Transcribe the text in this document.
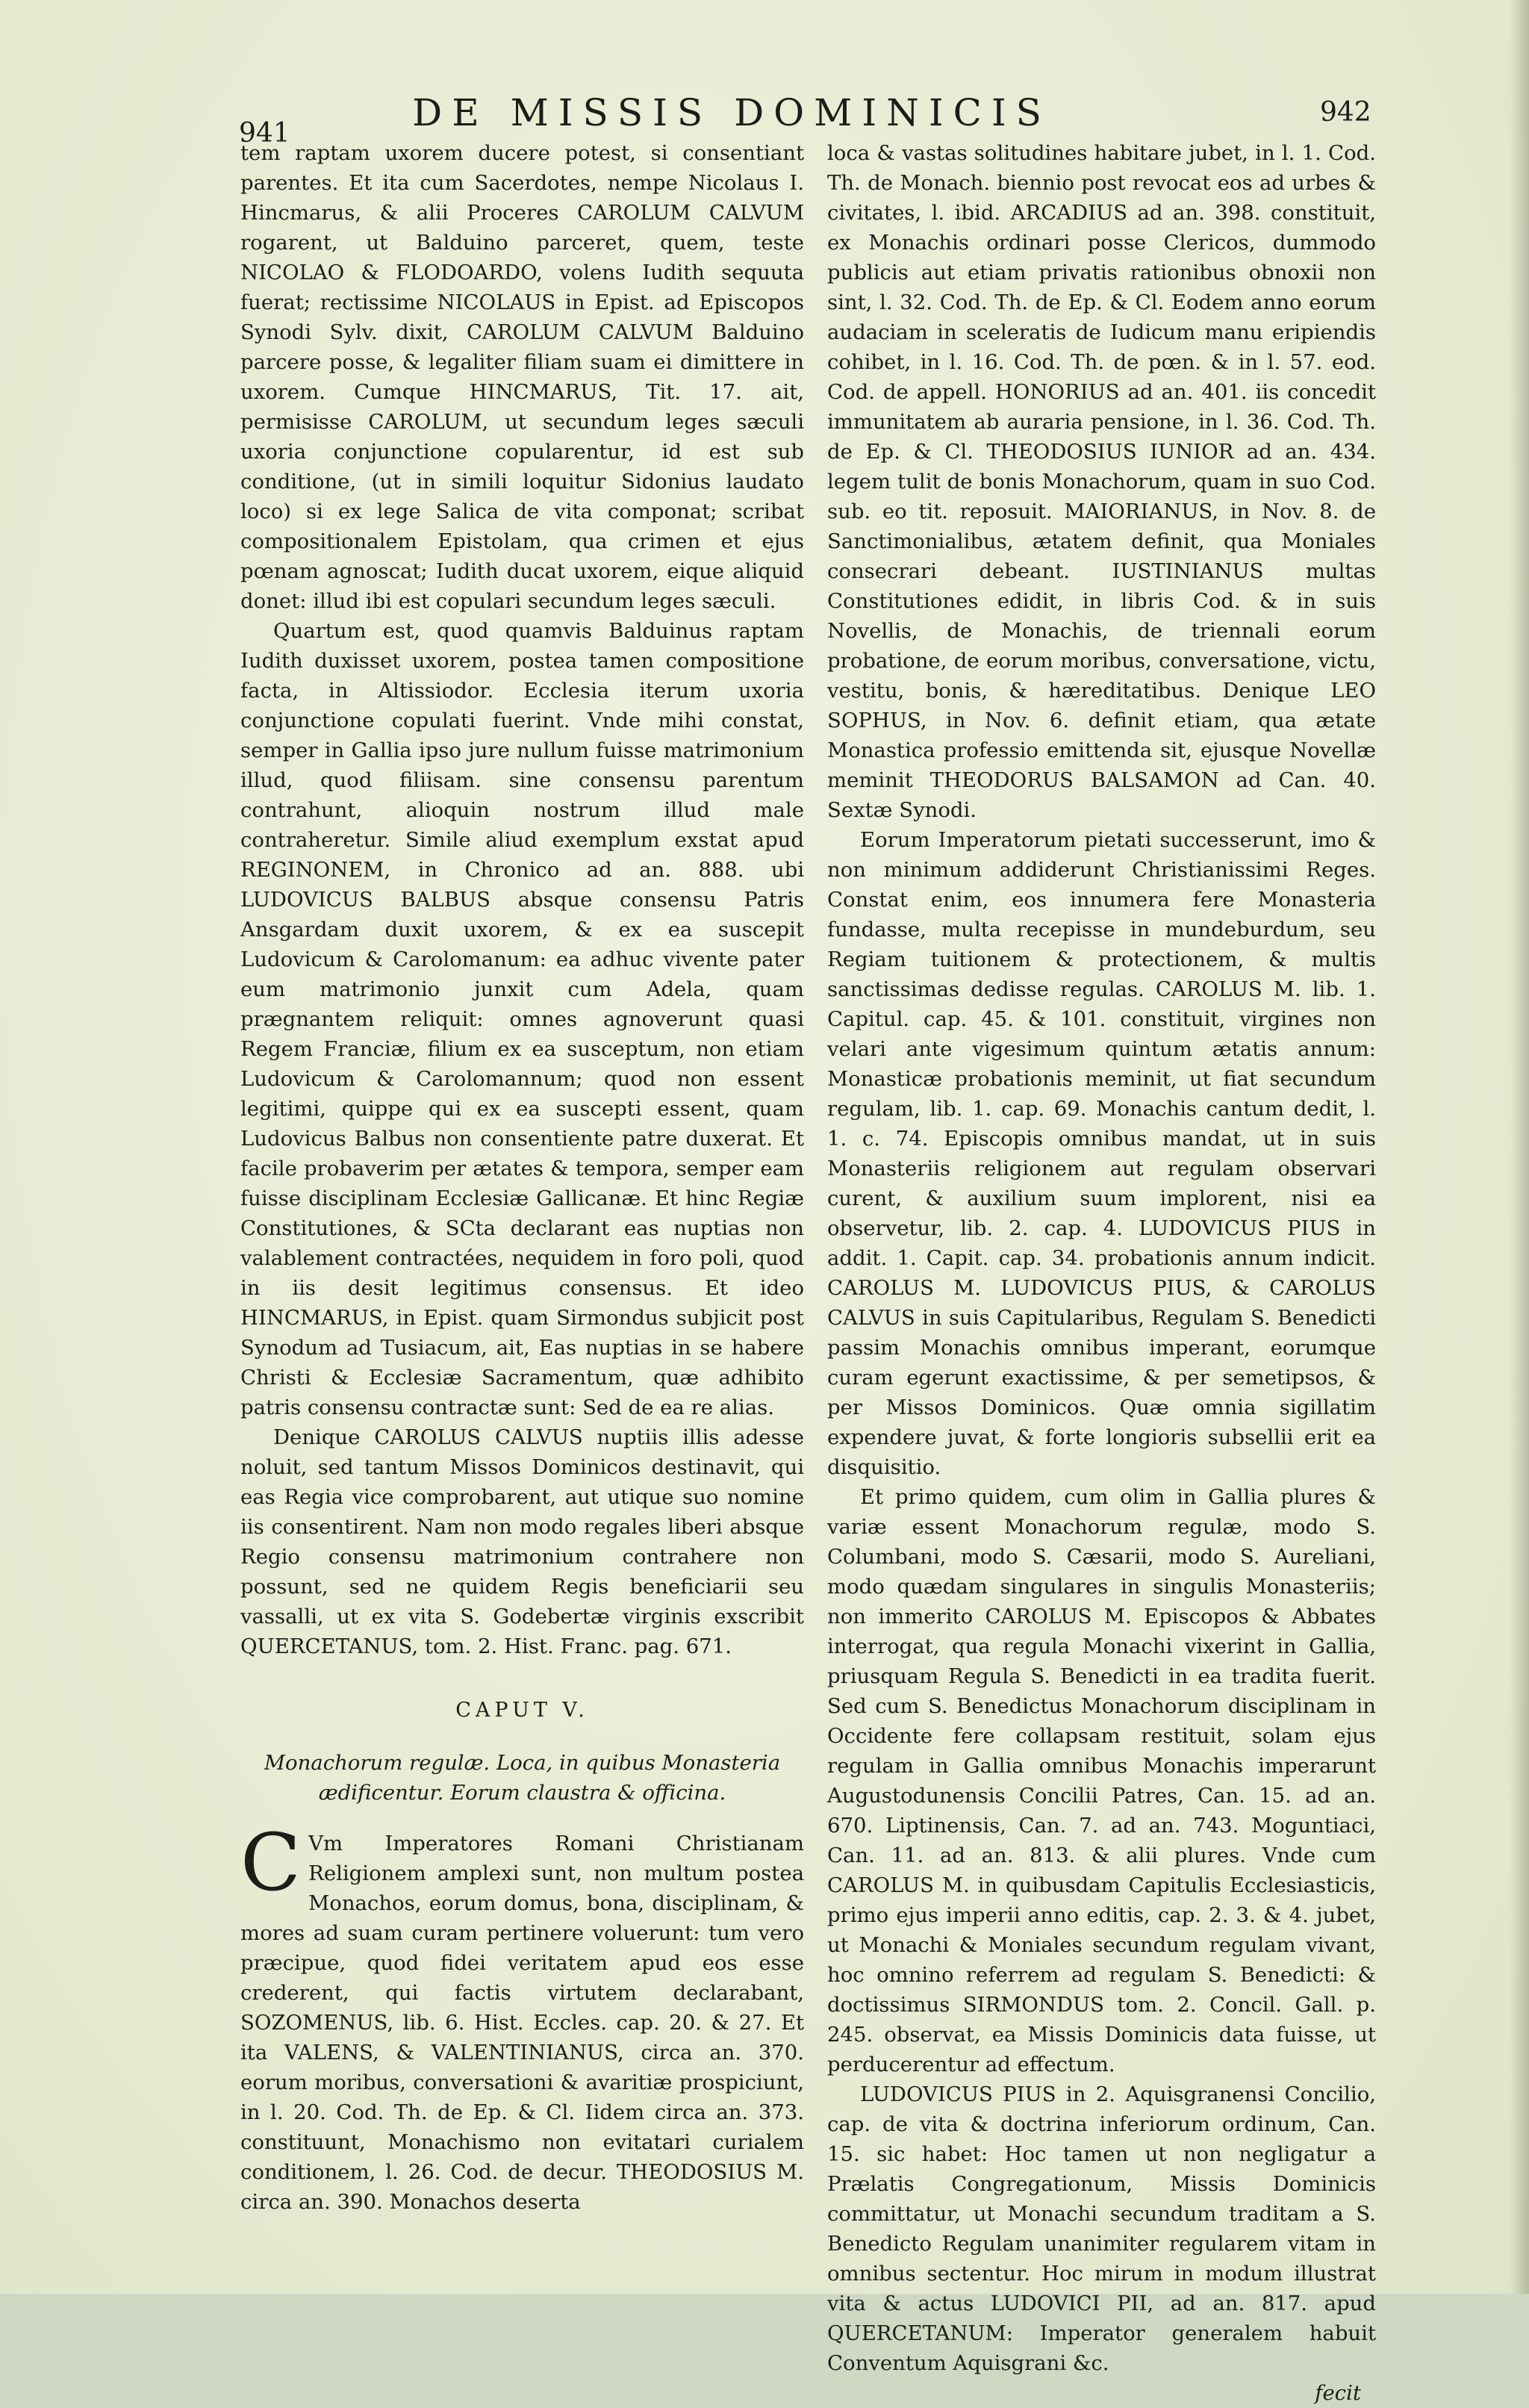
DE MISSIS DOMINICIS
941
942

tem raptam uxorem ducere potest, si consentiant parentes. Et ita cum Sacerdotes, nempe Nicolaus I. Hincmarus, & alii Proceres CAROLUM CALVUM rogarent, ut Balduino parceret, quem, teste NICOLAO & FLODOARDO, volens Iudith sequuta fuerat; rectissime NICOLAUS in Epist. ad Episcopos Synodi Sylv. dixit, CAROLUM CALVUM Balduino parcere posse, & legaliter filiam suam ei dimittere in uxorem. Cumque HINCMARUS, Tit. 17. ait, permisisse CAROLUM, ut secundum leges sæculi uxoria conjunctione copularentur, id est sub conditione, (ut in simili loquitur Sidonius laudato loco) si ex lege Salica de vita componat; scribat compositionalem Epistolam, qua crimen et ejus pœnam agnoscat; Iudith ducat uxorem, eique aliquid donet: illud ibi est copulari secundum leges sæculi.

Quartum est, quod quamvis Balduinus raptam Iudith duxisset uxorem, postea tamen compositione facta, in Altissiodor. Ecclesia iterum uxoria conjunctione copulati fuerint. Vnde mihi constat, semper in Gallia ipso jure nullum fuisse matrimonium illud, quod filiisam. sine consensu parentum contrahunt, alioquin nostrum illud male contraheretur. Simile aliud exemplum exstat apud REGINONEM, in Chronico ad an. 888. ubi LUDOVICUS BALBUS absque consensu Patris Ansgardam duxit uxorem, & ex ea suscepit Ludovicum & Carolomanum: ea adhuc vivente pater eum matrimonio junxit cum Adela, quam prægnantem reliquit: omnes agnoverunt quasi Regem Franciæ, filium ex ea susceptum, non etiam Ludovicum & Carolomannum; quod non essent legitimi, quippe qui ex ea suscepti essent, quam Ludovicus Balbus non consentiente patre duxerat. Et facile probaverim per ætates & tempora, semper eam fuisse disciplinam Ecclesiæ Gallicanæ. Et hinc Regiæ Constitutiones, & SCta declarant eas nuptias non valablement contractées, nequidem in foro poli, quod in iis desit legitimus consensus. Et ideo HINCMARUS, in Epist. quam Sirmondus subjicit post Synodum ad Tusiacum, ait, Eas nuptias in se habere Christi & Ecclesiæ Sacramentum, quæ adhibito patris consensu contractæ sunt: Sed de ea re alias.

Denique CAROLUS CALVUS nuptiis illis adesse noluit, sed tantum Missos Dominicos destinavit, qui eas Regia vice comprobarent, aut utique suo nomine iis consentirent. Nam non modo regales liberi absque Regio consensu matrimonium contrahere non possunt, sed ne quidem Regis beneficiarii seu vassalli, ut ex vita S. Godebertæ virginis exscribit QUERCETANUS, tom. 2. Hist. Franc. pag. 671.

CAPUT V.
Monachorum regulæ. Loca, in quibus Monasteria ædificentur. Eorum claustra & officina.

C Vm Imperatores Romani Christianam Religionem amplexi sunt, non multum postea Monachos, eorum domus, bona, disciplinam, & mores ad suam curam pertinere voluerunt: tum vero præcipue, quod fidei veritatem apud eos esse crederent, qui factis virtutem declarabant, SOZOMENUS, lib. 6. Hist. Eccles. cap. 20. & 27. Et ita VALENS, & VALENTINIANUS, circa an. 370. eorum moribus, conversationi & avaritiæ prospiciunt, in l. 20. Cod. Th. de Ep. & Cl. Iidem circa an. 373. constituunt, Monachismo non evitatari curialem conditionem, l. 26. Cod. de decur. THEODOSIUS M. circa an. 390. Monachos deserta

loca & vastas solitudines habitare jubet, in l. 1. Cod. Th. de Monach. biennio post revocat eos ad urbes & civitates, l. ibid. ARCADIUS ad an. 398. constituit, ex Monachis ordinari posse Clericos, dummodo publicis aut etiam privatis rationibus obnoxii non sint, l. 32. Cod. Th. de Ep. & Cl. Eodem anno eorum audaciam in sceleratis de Iudicum manu eripiendis cohibet, in l. 16. Cod. Th. de pœn. & in l. 57. eod. Cod. de appell. HONORIUS ad an. 401. iis concedit immunitatem ab auraria pensione, in l. 36. Cod. Th. de Ep. & Cl. THEODOSIUS IUNIOR ad an. 434. legem tulit de bonis Monachorum, quam in suo Cod. sub. eo tit. reposuit. MAIORIANUS, in Nov. 8. de Sanctimonialibus, ætatem definit, qua Moniales consecrari debeant. IUSTINIANUS multas Constitutiones edidit, in libris Cod. & in suis Novellis, de Monachis, de triennali eorum probatione, de eorum moribus, conversatione, victu, vestitu, bonis, & hæreditatibus. Denique LEO SOPHUS, in Nov. 6. definit etiam, qua ætate Monastica professio emittenda sit, ejusque Novellæ meminit THEODORUS BALSAMON ad Can. 40. Sextæ Synodi.

Eorum Imperatorum pietati successerunt, imo & non minimum addiderunt Christianissimi Reges. Constat enim, eos innumera fere Monasteria fundasse, multa recepisse in mundeburdum, seu Regiam tuitionem & protectionem, & multis sanctissimas dedisse regulas. CAROLUS M. lib. 1. Capitul. cap. 45. & 101. constituit, virgines non velari ante vigesimum quintum ætatis annum: Monasticæ probationis meminit, ut fiat secundum regulam, lib. 1. cap. 69. Monachis cantum dedit, l. 1. c. 74. Episcopis omnibus mandat, ut in suis Monasteriis religionem aut regulam observari curent, & auxilium suum implorent, nisi ea observetur, lib. 2. cap. 4. LUDOVICUS PIUS in addit. 1. Capit. cap. 34. probationis annum indicit. CAROLUS M. LUDOVICUS PIUS, & CAROLUS CALVUS in suis Capitularibus, Regulam S. Benedicti passim Monachis omnibus imperant, eorumque curam egerunt exactissime, & per semetipsos, & per Missos Dominicos. Quæ omnia sigillatim expendere juvat, & forte longioris subsellii erit ea disquisitio.

Et primo quidem, cum olim in Gallia plures & variæ essent Monachorum regulæ, modo S. Columbani, modo S. Cæsarii, modo S. Aureliani, modo quædam singulares in singulis Monasteriis; non immerito CAROLUS M. Episcopos & Abbates interrogat, qua regula Monachi vixerint in Gallia, priusquam Regula S. Benedicti in ea tradita fuerit. Sed cum S. Benedictus Monachorum disciplinam in Occidente fere collapsam restituit, solam ejus regulam in Gallia omnibus Monachis imperarunt Augustodunensis Concilii Patres, Can. 15. ad an. 670. Liptinensis, Can. 7. ad an. 743. Moguntiaci, Can. 11. ad an. 813. & alii plures. Vnde cum CAROLUS M. in quibusdam Capitulis Ecclesiasticis, primo ejus imperii anno editis, cap. 2. 3. & 4. jubet, ut Monachi & Moniales secundum regulam vivant, hoc omnino referrem ad regulam S. Benedicti: & doctissimus SIRMONDUS tom. 2. Concil. Gall. p. 245. observat, ea Missis Dominicis data fuisse, ut perducerentur ad effectum.

LUDOVICUS PIUS in 2. Aquisgranensi Concilio, cap. de vita & doctrina inferiorum ordinum, Can. 15. sic habet: Hoc tamen ut non negligatur a Prælatis Congregationum, Missis Dominicis committatur, ut Monachi secundum traditam a S. Benedicto Regulam unanimiter regularem vitam in omnibus sectentur. Hoc mirum in modum illustrat vita & actus LUDOVICI PII, ad an. 817. apud QUERCETANUM: Imperator generalem habuit Conventum Aquisgrani &c.

fecit
